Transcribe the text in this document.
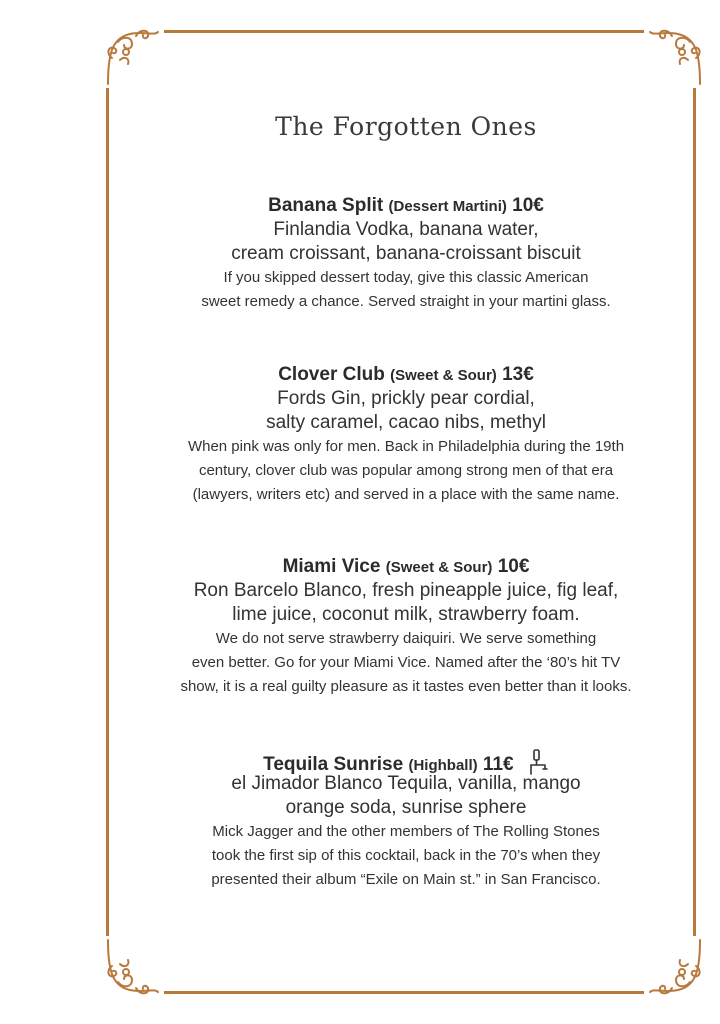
The Forgotten Ones
Banana Split (Dessert Martini) 10€
Finlandia Vodka, banana water,
cream croissant, banana-croissant biscuit
If you skipped dessert today, give this classic American
sweet remedy a chance. Served straight in your martini glass.
Clover Club (Sweet & Sour) 13€
Fords Gin, prickly pear cordial,
salty caramel, cacao nibs, methyl
When pink was only for men. Back in Philadelphia during the 19th
century, clover club was popular among strong men of that era
(lawyers, writers etc) and served in a place with the same name.
Miami Vice (Sweet & Sour) 10€
Ron Barcelo Blanco, fresh pineapple juice, fig leaf,
lime juice, coconut milk, strawberry foam.
We do not serve strawberry daiquiri. We serve something
even better. Go for your Miami Vice. Named after the ‘80’s hit TV
show, it is a real guilty pleasure as it tastes even better than it looks.
Tequila Sunrise (Highball) 11€
el Jimador Blanco Tequila, vanilla, mango
orange soda, sunrise sphere
Mick Jagger and the other members of The Rolling Stones
took the first sip of this cocktail, back in the 70’s when they
presented their album “Exile on Main st.” in San Francisco.
